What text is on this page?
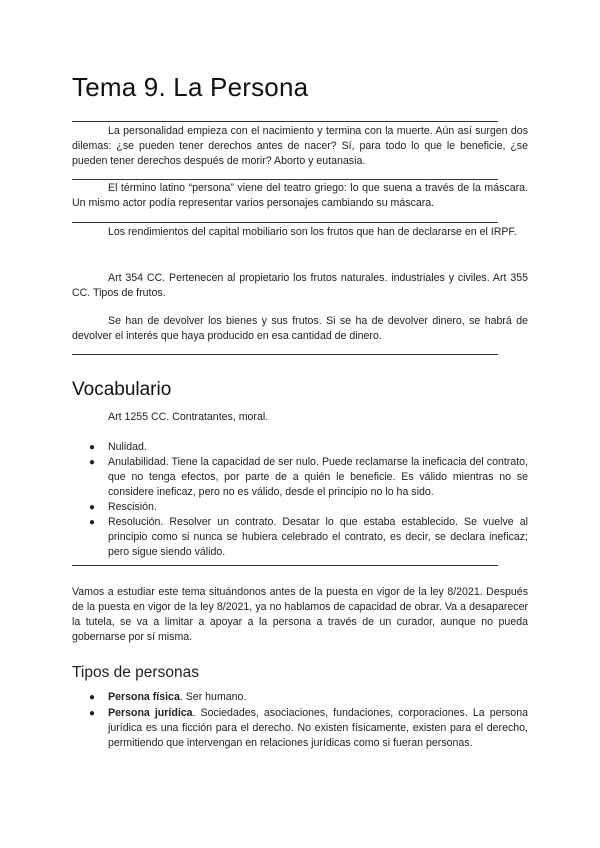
Tema 9. La Persona

La personalidad empieza con el nacimiento y termina con la muerte. Aún así surgen dos dilemas: ¿se pueden tener derechos antes de nacer? Sí, para todo lo que le beneficie, ¿se pueden tener derechos después de morir? Aborto y eutanasia.

El término latino “persona” viene del teatro griego: lo que suena a través de la máscara. Un mismo actor podía representar varios personajes cambiando su máscara.

Los rendimientos del capital mobiliario son los frutos que han de declararse en el IRPF.

Art 354 CC. Pertenecen al propietario los frutos naturales. industriales y civiles. Art 355 CC. Tipos de frutos.

Se han de devolver los bienes y sus frutos. Si se ha de devolver dinero, se habrá de devolver el interés que haya producido en esa cantidad de dinero.

Vocabulario

Art 1255 CC. Contratantes, moral.

● Nulidad.
● Anulabilidad. Tiene la capacidad de ser nulo. Puede reclamarse la ineficacia del contrato, que no tenga efectos, por parte de a quién le beneficie. Es válido mientras no se considere ineficaz, pero no es válido, desde el principio no lo ha sido.
● Rescisión.
● Resolución. Resolver un contrato. Desatar lo que estaba establecido. Se vuelve al principio como si nunca se hubiera celebrado el contrato, es decir, se declara ineficaz; pero sigue siendo válido.

Vamos a estudiar este tema situándonos antes de la puesta en vigor de la ley 8/2021. Después de la puesta en vigor de la ley 8/2021, ya no hablamos de capacidad de obrar. Va a desaparecer la tutela, se va a limitar a apoyar a la persona a través de un curador, aunque no pueda gobernarse por sí misma.

Tipos de personas
● Persona física. Ser humano.
● Persona jurídica. Sociedades, asociaciones, fundaciones, corporaciones. La persona jurídica es una ficción para el derecho. No existen físicamente, existen para el derecho, permitiendo que intervengan en relaciones jurídicas como si fueran personas.
